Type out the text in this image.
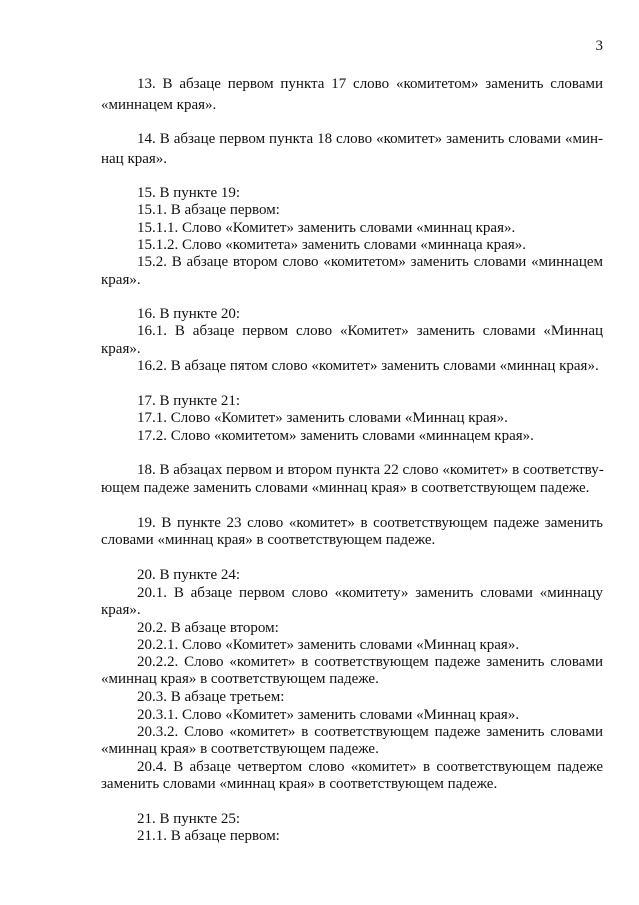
3
13. В абзаце первом пункта 17 слово «комитетом» заменить словами
«миннацем края».
14. В абзаце первом пункта 18 слово «комитет» заменить словами «мин-
нац края».
15. В пункте 19:
15.1. В абзаце первом:
15.1.1. Слово «Комитет» заменить словами «миннац края».
15.1.2. Слово «комитета» заменить словами «миннаца края».
15.2. В абзаце втором слово «комитетом» заменить словами «миннацем
края».
16. В пункте 20:
16.1. В абзаце первом слово «Комитет» заменить словами «Миннац
края».
16.2. В абзаце пятом слово «комитет» заменить словами «миннац края».
17. В пункте 21:
17.1. Слово «Комитет» заменить словами «Миннац края».
17.2. Слово «комитетом» заменить словами «миннацем края».
18. В абзацах первом и втором пункта 22 слово «комитет» в соответству-
ющем падеже заменить словами «миннац края» в соответствующем падеже.
19. В пункте 23 слово «комитет» в соответствующем падеже заменить
словами «миннац края» в соответствующем падеже.
20. В пункте 24:
20.1. В абзаце первом слово «комитету» заменить словами «миннацу
края».
20.2. В абзаце втором:
20.2.1. Слово «Комитет» заменить словами «Миннац края».
20.2.2. Слово «комитет» в соответствующем падеже заменить словами
«миннац края» в соответствующем падеже.
20.3. В абзаце третьем:
20.3.1. Слово «Комитет» заменить словами «Миннац края».
20.3.2. Слово «комитет» в соответствующем падеже заменить словами
«миннац края» в соответствующем падеже.
20.4. В абзаце четвертом слово «комитет» в соответствующем падеже
заменить словами «миннац края» в соответствующем падеже.
21. В пункте 25:
21.1. В абзаце первом:
